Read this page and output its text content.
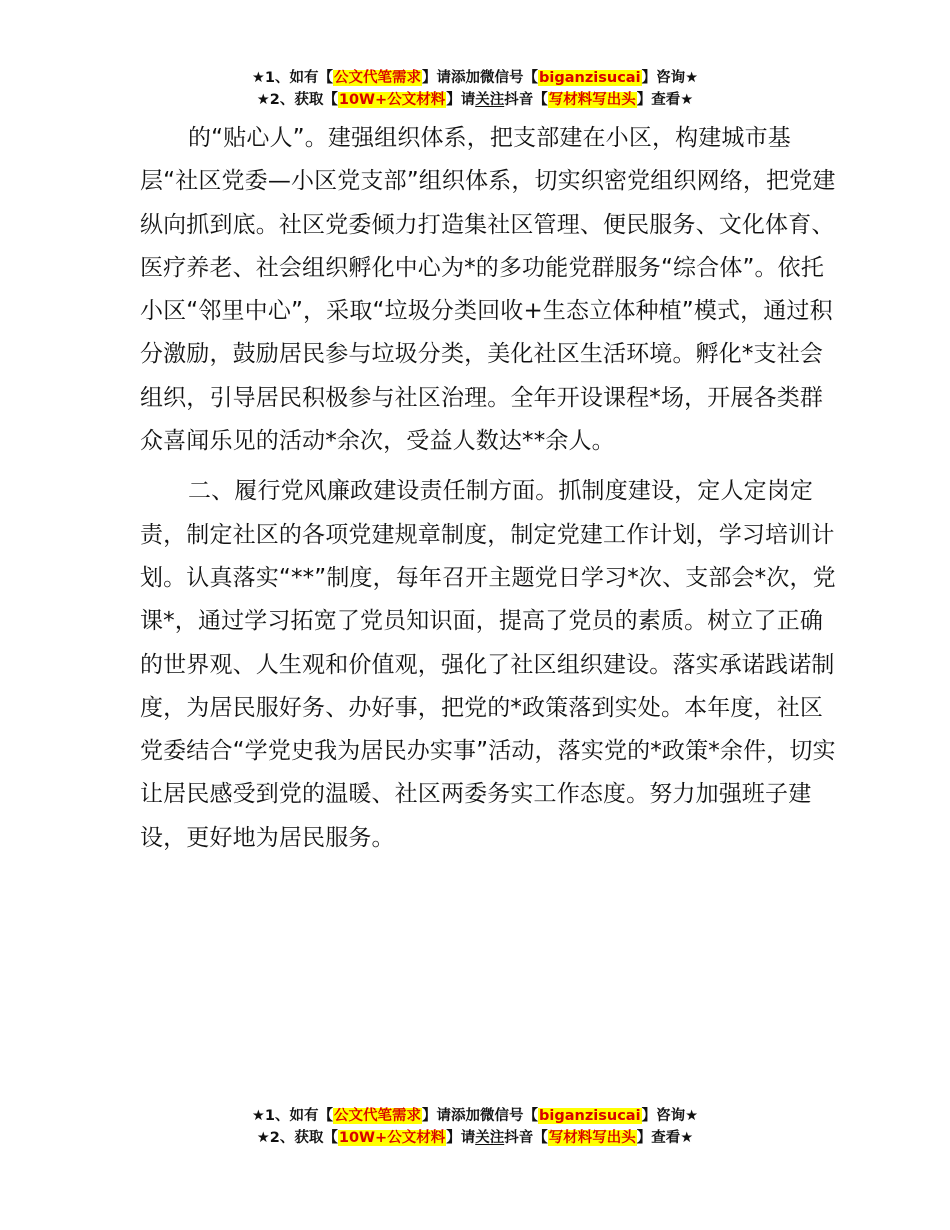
★1、如有【公文代笔需求】请添加微信号【biganzisucai】咨询★
★2、获取【10W+公文材料】请关注抖音【写材料写出头】查看★

的“贴心人”。建强组织体系，把支部建在小区，构建城市基层“社区党委—小区党支部”组织体系，切实织密党组织网络，把党建纵向抓到底。社区党委倾力打造集社区管理、便民服务、文化体育、医疗养老、社会组织孵化中心为*的多功能党群服务“综合体”。依托小区“邻里中心”，采取“垃圾分类回收+生态立体种植”模式，通过积分激励，鼓励居民参与垃圾分类，美化社区生活环境。孵化*支社会组织，引导居民积极参与社区治理。全年开设课程*场，开展各类群众喜闻乐见的活动*余次，受益人数达**余人。

二、履行党风廉政建设责任制方面。抓制度建设，定人定岗定责，制定社区的各项党建规章制度，制定党建工作计划，学习培训计划。认真落实“**”制度，每年召开主题党日学习*次、支部会*次，党课*，通过学习拓宽了党员知识面，提高了党员的素质。树立了正确的世界观、人生观和价值观，强化了社区组织建设。落实承诺践诺制度，为居民服好务、办好事，把党的*政策落到实处。本年度，社区党委结合“学党史我为居民办实事”活动，落实党的*政策*余件，切实让居民感受到党的温暖、社区两委务实工作态度。努力加强班子建设，更好地为居民服务。

★1、如有【公文代笔需求】请添加微信号【biganzisucai】咨询★
★2、获取【10W+公文材料】请关注抖音【写材料写出头】查看★
